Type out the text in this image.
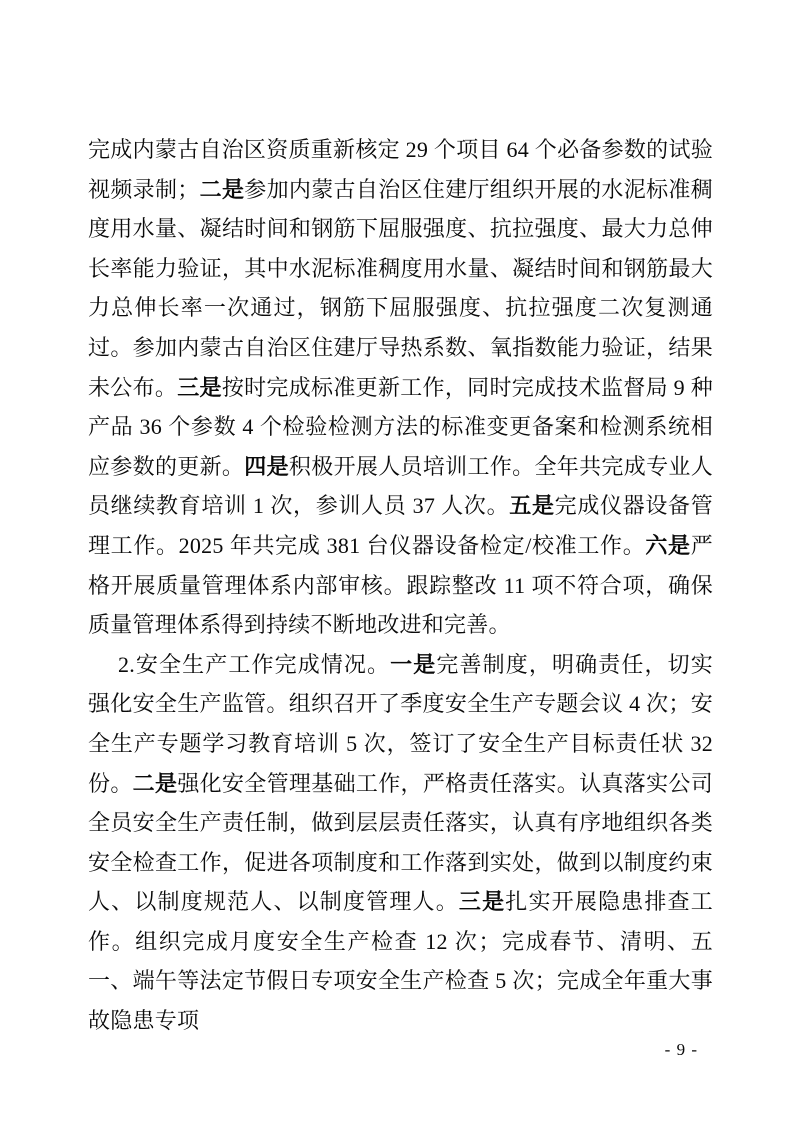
完成内蒙古自治区资质重新核定 29 个项目 64 个必备参数的试验视频录制；二是参加内蒙古自治区住建厅组织开展的水泥标准稠度用水量、凝结时间和钢筋下屈服强度、抗拉强度、最大力总伸长率能力验证，其中水泥标准稠度用水量、凝结时间和钢筋最大力总伸长率一次通过，钢筋下屈服强度、抗拉强度二次复测通过。参加内蒙古自治区住建厅导热系数、氧指数能力验证，结果未公布。三是按时完成标准更新工作，同时完成技术监督局 9 种产品 36 个参数 4 个检验检测方法的标准变更备案和检测系统相应参数的更新。四是积极开展人员培训工作。全年共完成专业人员继续教育培训 1 次，参训人员 37 人次。五是完成仪器设备管理工作。2025 年共完成 381 台仪器设备检定/校准工作。六是严格开展质量管理体系内部审核。跟踪整改 11 项不符合项，确保质量管理体系得到持续不断地改进和完善。

2.安全生产工作完成情况。一是完善制度，明确责任，切实强化安全生产监管。组织召开了季度安全生产专题会议 4 次；安全生产专题学习教育培训 5 次，签订了安全生产目标责任状 32 份。二是强化安全管理基础工作，严格责任落实。认真落实公司全员安全生产责任制，做到层层责任落实，认真有序地组织各类安全检查工作，促进各项制度和工作落到实处，做到以制度约束人、以制度规范人、以制度管理人。三是扎实开展隐患排查工作。组织完成月度安全生产检查 12 次；完成春节、清明、五一、端午等法定节假日专项安全生产检查 5 次；完成全年重大事故隐患专项

- 9 -
